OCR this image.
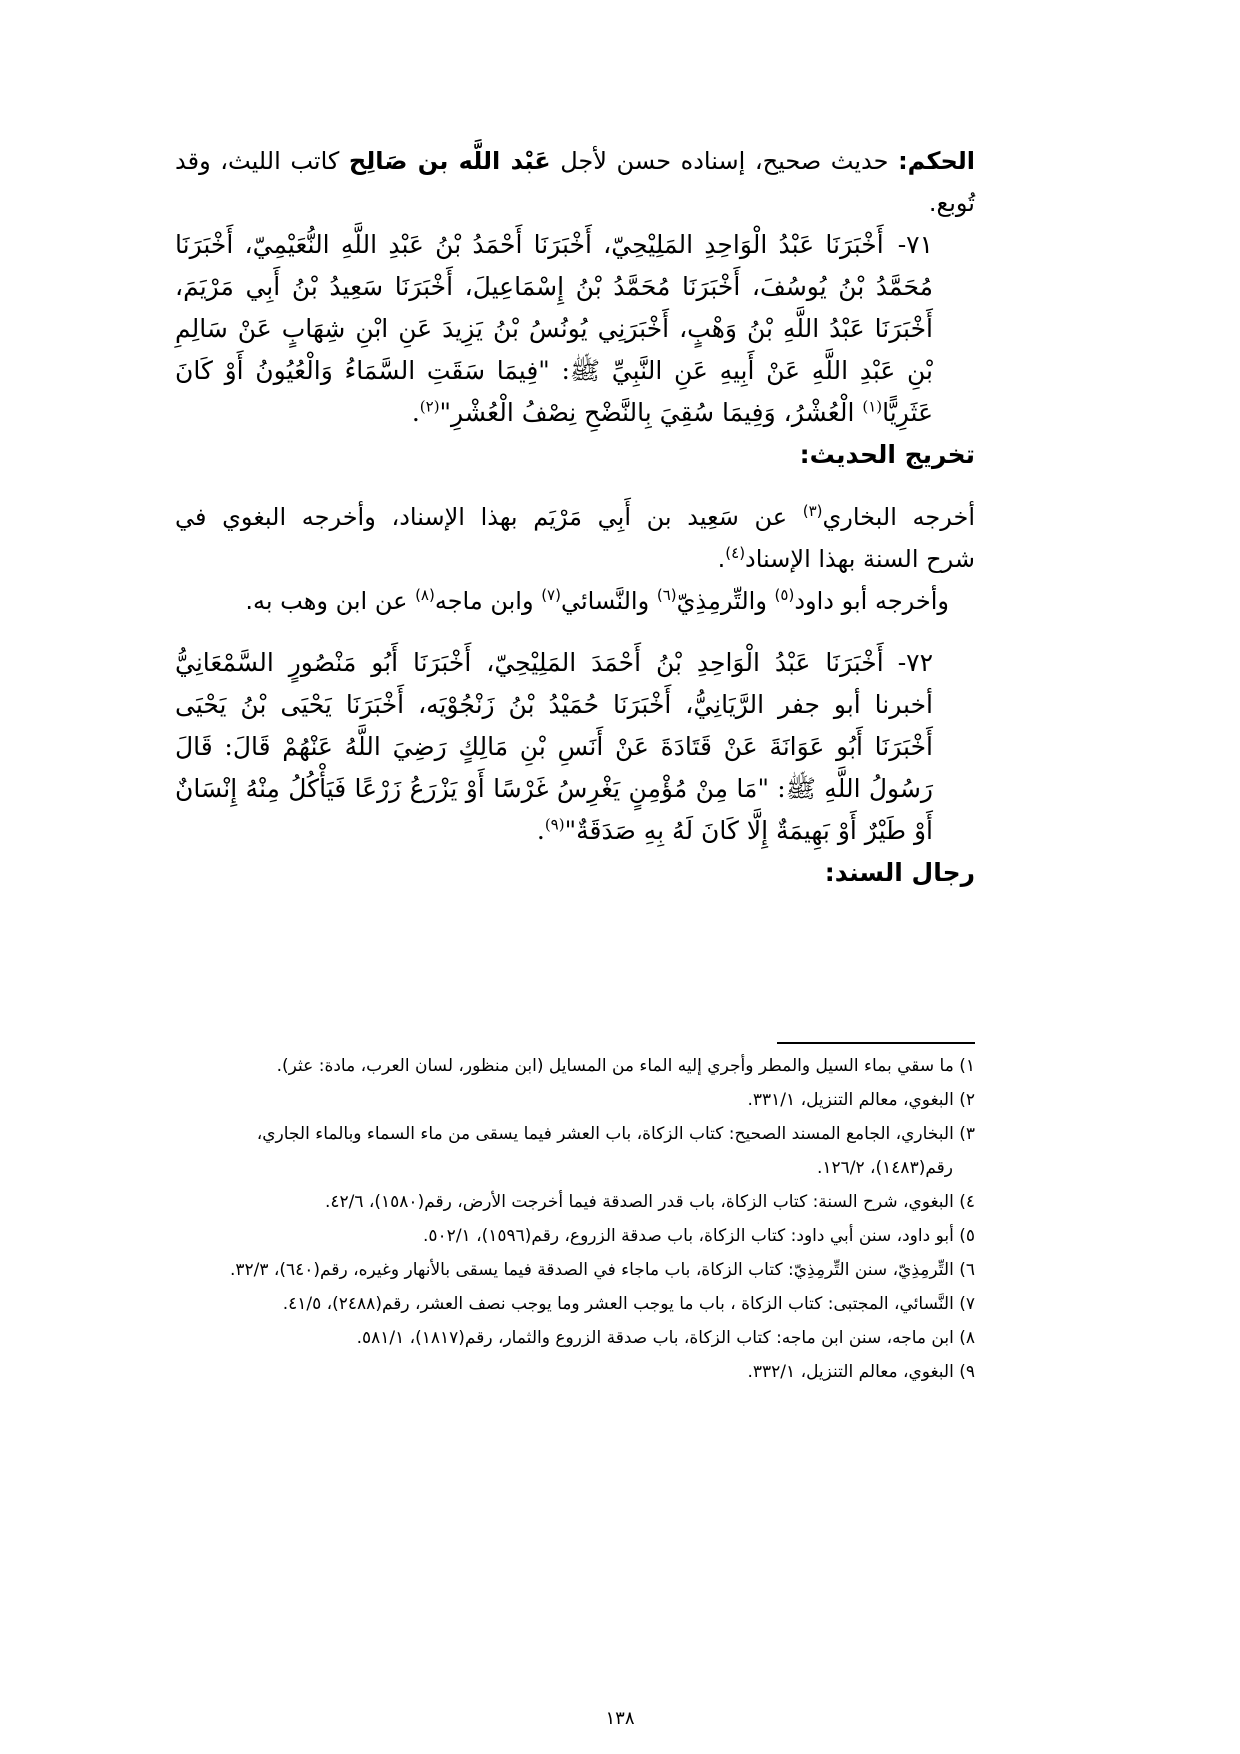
الحكم: حديث صحيح، إسناده حسن لأجل عَبْد اللَّه بن صَالِح كاتب الليث، وقد
تُوبع.
٧١-أَخْبَرَنَا عَبْدُ الْوَاحِدِ المَلِيْحِيّ، أَخْبَرَنَا أَحْمَدُ بْنُ عَبْدِ اللَّهِ النُّعَيْمِيّ، أَخْبَرَنَا
مُحَمَّدُ بْنُ يُوسُفَ، أَخْبَرَنَا مُحَمَّدُ بْنُ إِسْمَاعِيلَ، أَخْبَرَنَا سَعِيدُ بْنُ أَبِي مَرْيَمَ،
أَخْبَرَنَا عَبْدُ اللَّهِ بْنُ وَهْبٍ، أَخْبَرَنِي يُونُسُ بْنُ يَزِيدَ عَنِ ابْنِ شِهَابٍ عَنْ سَالِمِ
بْنِ عَبْدِ اللَّهِ عَنْ أَبِيهِ عَنِ النَّبِيِّ ﷺ: "فِيمَا سَقَتِ السَّمَاءُ وَالْعُيُونُ أَوْ كَانَ
عَثَرِيًّا$^{(١)}$ الْعُشْرُ، وَفِيمَا سُقِيَ بِالنَّضْحِ نِصْفُ الْعُشْرِ"$^{(٢)}$.
تخريج الحديث:
أخرجه البخاري$^{(٣)}$ عن سَعِيد بن أَبِي مَرْيَم بهذا الإسناد، وأخرجه البغوي في
شرح السنة بهذا الإسناد$^{(٤)}$.
وأخرجه أبو داود$^{(٥)}$ والتِّرمِذِيّ$^{(٦)}$ والنَّسائي$^{(٧)}$ وابن ماجه$^{(٨)}$ عن ابن وهب به.
٧٢-أَخْبَرَنَا عَبْدُ الْوَاحِدِ بْنُ أَحْمَدَ المَلِيْحِيّ، أَخْبَرَنَا أَبُو مَنْصُورٍ السَّمْعَانِيُّ
أخبرنا أبو جفر الرَّيَانِيُّ، أَخْبَرَنَا حُمَيْدُ بْنُ زَنْجُوْيَه، أَخْبَرَنَا يَحْيَى بْنُ يَحْيَى
أَخْبَرَنَا أَبُو عَوَانَةَ عَنْ قَتَادَةَ عَنْ أَنَسِ بْنِ مَالِكٍ رَضِيَ اللَّهُ عَنْهُمْ قَالَ: قَالَ
رَسُولُ اللَّهِ ﷺ: "مَا مِنْ مُؤْمِنٍ يَغْرِسُ غَرْسًا أَوْ يَزْرَعُ زَرْعًا فَيَأْكُلُ مِنْهُ إِنْسَانٌ
أَوْ طَيْرٌ أَوْ بَهِيمَةٌ إِلَّا كَانَ لَهُ بِهِ صَدَقَةٌ"$^{(٩)}$.
رجال السند:
١) ما سقي بماء السيل والمطر وأجري إليه الماء من المسايل (ابن منظور، لسان العرب، مادة: عثر).
٢) البغوي، معالم التنزيل، ٣٣١/١.
٣) البخاري، الجامع المسند الصحيح: كتاب الزكاة، باب العشر فيما يسقى من ماء السماء وبالماء الجاري،
رقم(١٤٨٣)، ١٢٦/٢.
٤) البغوي، شرح السنة: كتاب الزكاة، باب قدر الصدقة فيما أخرجت الأرض، رقم(١٥٨٠)، ٤٢/٦.
٥) أبو داود، سنن أبي داود: كتاب الزكاة، باب صدقة الزروع، رقم(١٥٩٦)، ٥٠٢/١.
٦) التِّرمِذِيّ، سنن التِّرمِذِيّ: كتاب الزكاة، باب ماجاء في الصدقة فيما يسقى بالأنهار وغيره، رقم(٦٤٠)، ٣٢/٣.
٧) النَّسائي، المجتبى: كتاب الزكاة ، باب ما يوجب العشر وما يوجب نصف العشر، رقم(٢٤٨٨)، ٤١/٥.
٨) ابن ماجه، سنن ابن ماجه: كتاب الزكاة، باب صدقة الزروع والثمار، رقم(١٨١٧)، ٥٨١/١.
٩) البغوي، معالم التنزيل، ٣٣٢/١.
١٣٨
